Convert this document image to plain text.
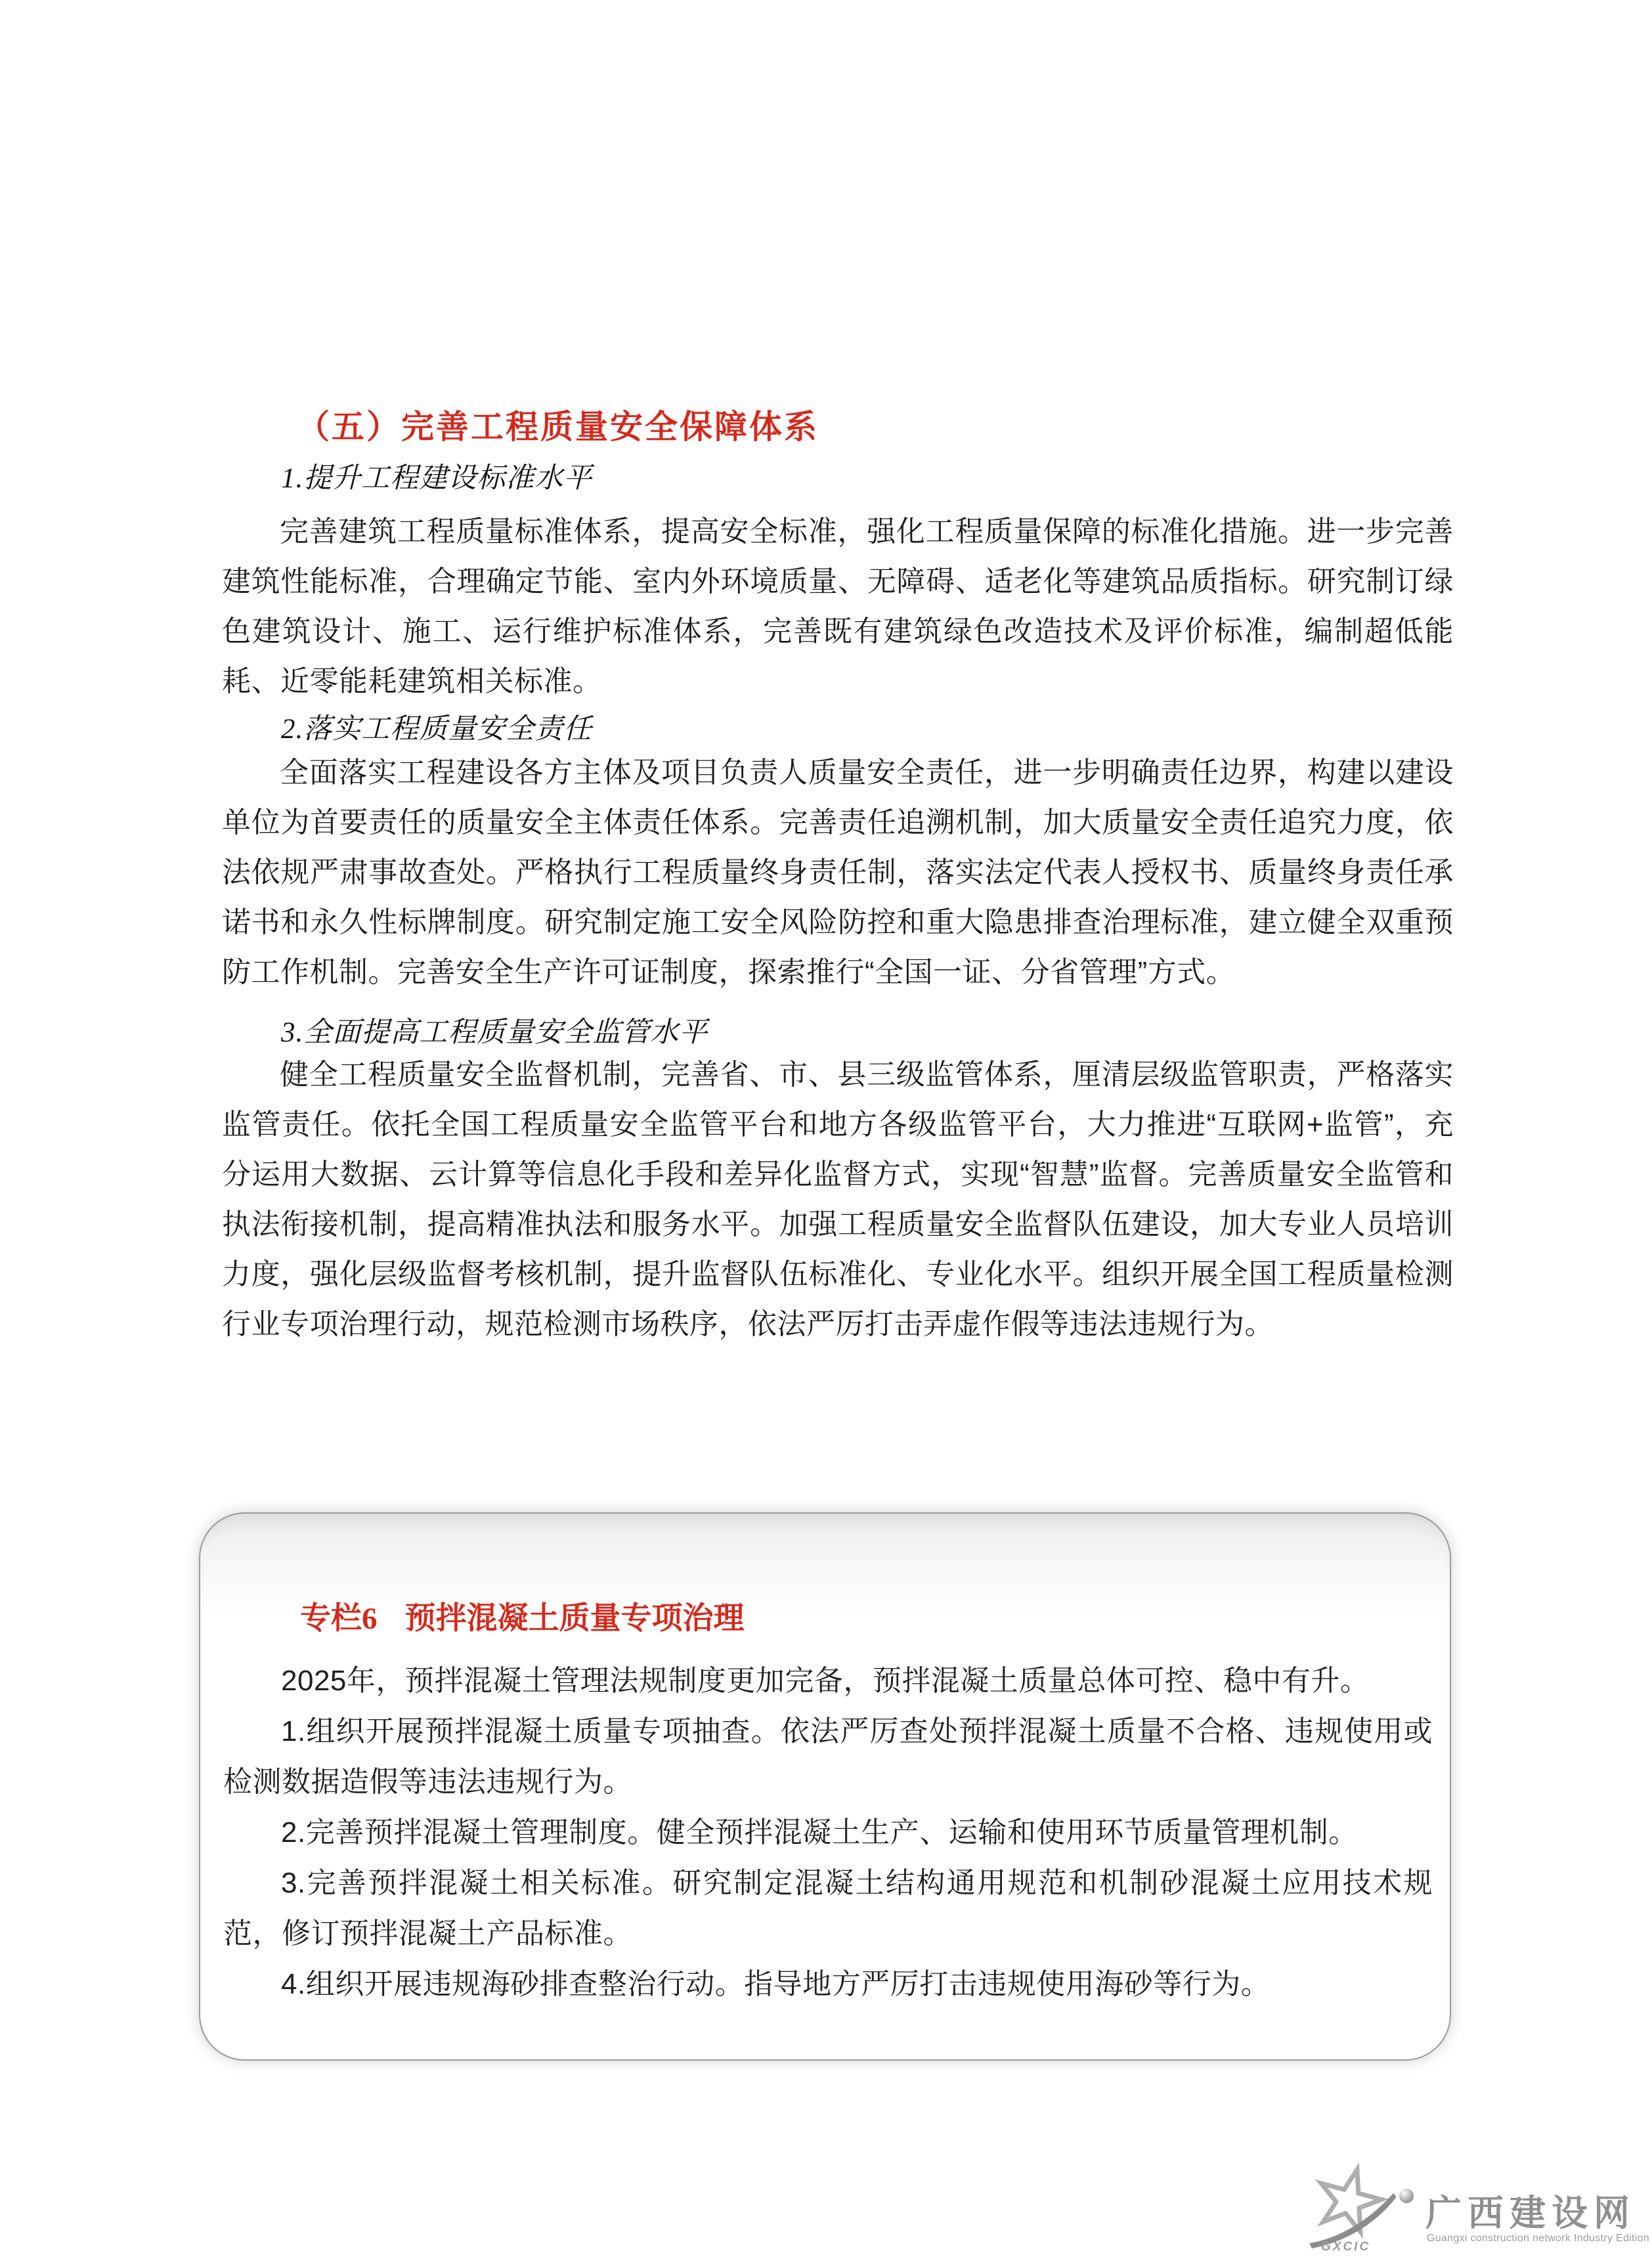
（五）完善工程质量安全保障体系
1.提升工程建设标准水平
完善建筑工程质量标准体系，提高安全标准，强化工程质量保障的标准化措施。进一步完善建筑性能标准，合理确定节能、室内外环境质量、无障碍、适老化等建筑品质指标。研究制订绿色建筑设计、施工、运行维护标准体系，完善既有建筑绿色改造技术及评价标准，编制超低能耗、近零能耗建筑相关标准。
2.落实工程质量安全责任
全面落实工程建设各方主体及项目负责人质量安全责任，进一步明确责任边界，构建以建设单位为首要责任的质量安全主体责任体系。完善责任追溯机制，加大质量安全责任追究力度，依法依规严肃事故查处。严格执行工程质量终身责任制，落实法定代表人授权书、质量终身责任承诺书和永久性标牌制度。研究制定施工安全风险防控和重大隐患排查治理标准，建立健全双重预防工作机制。完善安全生产许可证制度，探索推行“全国一证、分省管理”方式。
3.全面提高工程质量安全监管水平
健全工程质量安全监督机制，完善省、市、县三级监管体系，厘清层级监管职责，严格落实监管责任。依托全国工程质量安全监管平台和地方各级监管平台，大力推进“互联网+监管”，充分运用大数据、云计算等信息化手段和差异化监督方式，实现“智慧”监督。完善质量安全监管和执法衔接机制，提高精准执法和服务水平。加强工程质量安全监督队伍建设，加大专业人员培训力度，强化层级监督考核机制，提升监督队伍标准化、专业化水平。组织开展全国工程质量检测行业专项治理行动，规范检测市场秩序，依法严厉打击弄虚作假等违法违规行为。
专栏6 预拌混凝土质量专项治理

2025年，预拌混凝土管理法规制度更加完备，预拌混凝土质量总体可控、稳中有升。

1.组织开展预拌混凝土质量专项抽查。依法严厉查处预拌混凝土质量不合格、违规使用或检测数据造假等违法违规行为。

2.完善预拌混凝土管理制度。健全预拌混凝土生产、运输和使用环节质量管理机制。

3.完善预拌混凝土相关标准。研究制定混凝土结构通用规范和机制砂混凝土应用技术规范，修订预拌混凝土产品标准。

4.组织开展违规海砂排查整治行动。指导地方严厉打击违规使用海砂等行为。

GXCIC
广西建设网
Guangxi construction network Industry Edition
